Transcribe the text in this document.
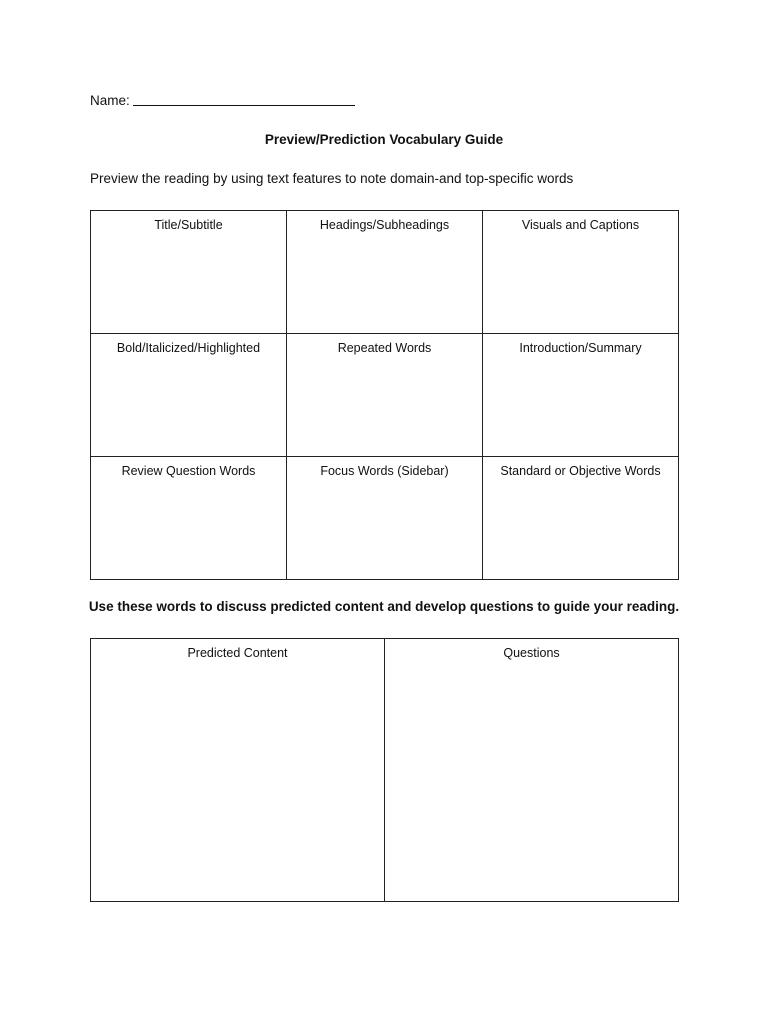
Name:
Preview/Prediction Vocabulary Guide
Preview the reading by using text features to note domain-and top-specific words
Title/Subtitle	Headings/Subheadings	Visuals and Captions
Bold/Italicized/Highlighted	Repeated Words	Introduction/Summary
Review Question Words	Focus Words (Sidebar)	Standard or Objective Words
Use these words to discuss predicted content and develop questions to guide your reading.
Predicted Content	Questions
